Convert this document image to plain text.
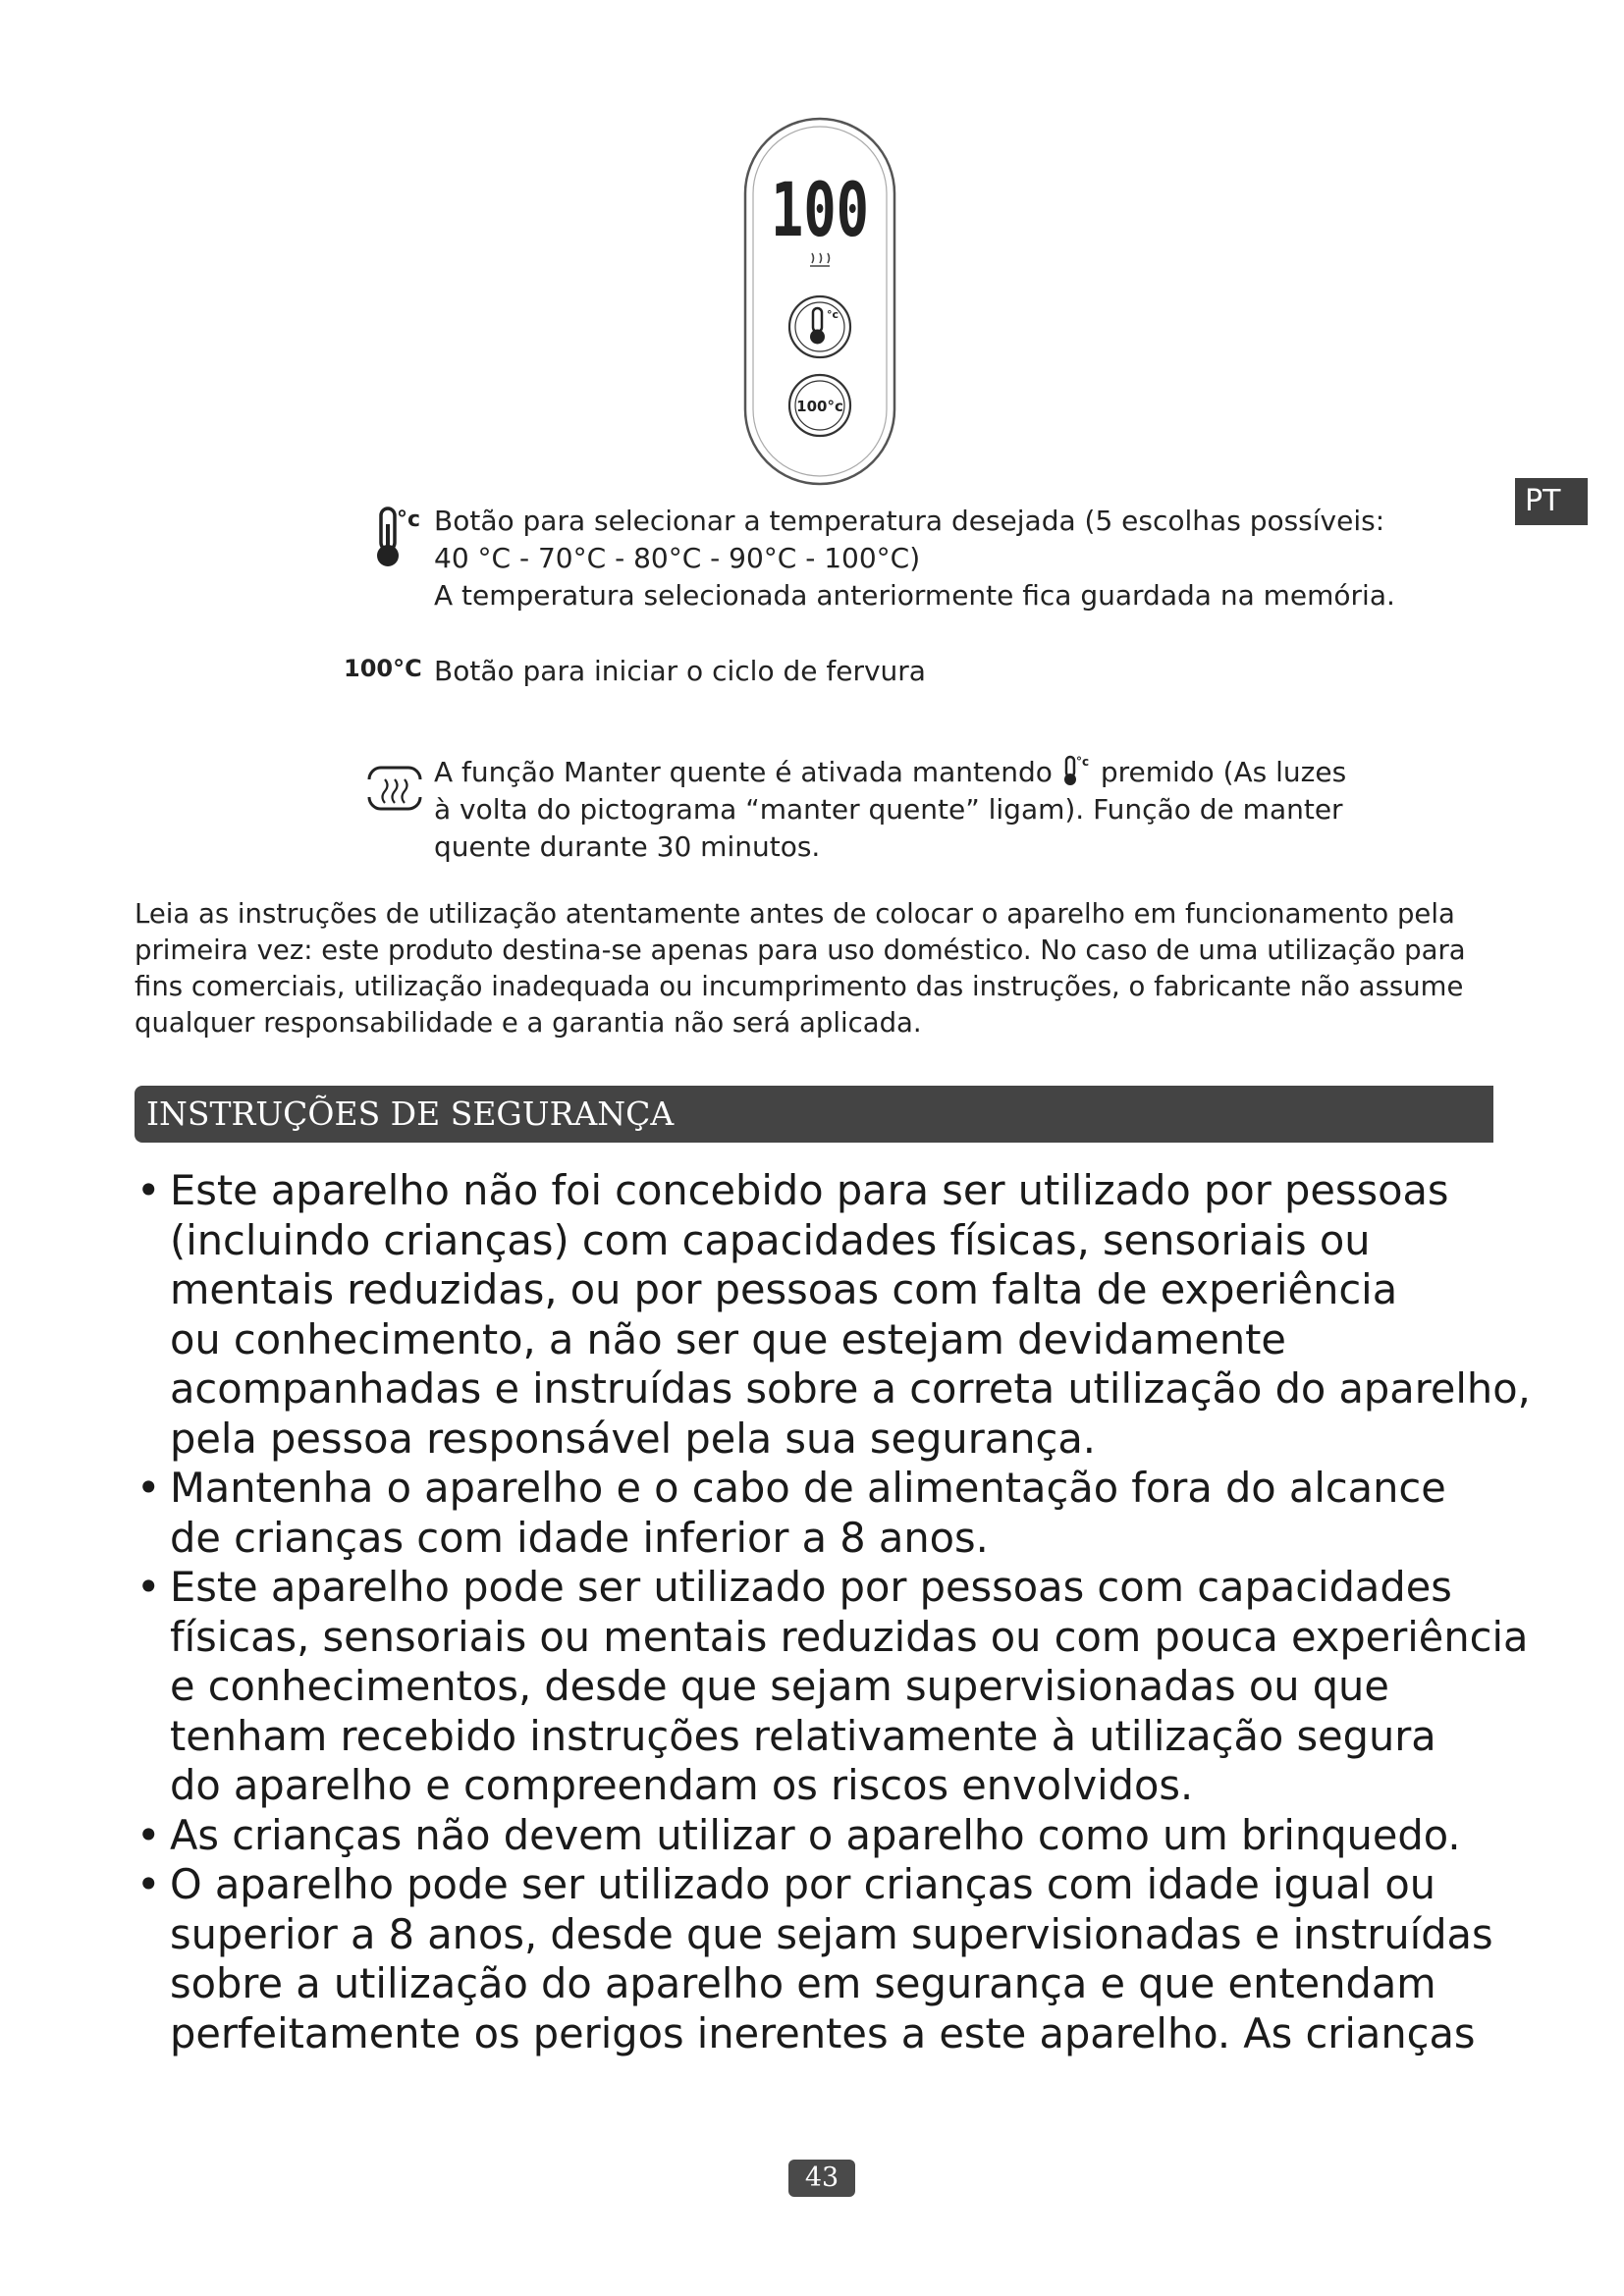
100
°c
100°c
PT
°c Botão para selecionar a temperatura desejada (5 escolhas possíveis:
40 °C - 70°C - 80°C - 90°C - 100°C)
A temperatura selecionada anteriormente fica guardada na memória.
100°C Botão para iniciar o ciclo de fervura
A função Manter quente é ativada mantendo °c premido (As luzes
à volta do pictograma “manter quente” ligam). Função de manter
quente durante 30 minutos.
Leia as instruções de utilização atentamente antes de colocar o aparelho em funcionamento pela
primeira vez: este produto destina-se apenas para uso doméstico. No caso de uma utilização para
fins comerciais, utilização inadequada ou incumprimento das instruções, o fabricante não assume
qualquer responsabilidade e a garantia não será aplicada.
INSTRUÇÕES DE SEGURANÇA
• Este aparelho não foi concebido para ser utilizado por pessoas
(incluindo crianças) com capacidades físicas, sensoriais ou
mentais reduzidas, ou por pessoas com falta de experiência
ou conhecimento, a não ser que estejam devidamente
acompanhadas e instruídas sobre a correta utilização do aparelho,
pela pessoa responsável pela sua segurança.
• Mantenha o aparelho e o cabo de alimentação fora do alcance
de crianças com idade inferior a 8 anos.
• Este aparelho pode ser utilizado por pessoas com capacidades
físicas, sensoriais ou mentais reduzidas ou com pouca experiência
e conhecimentos, desde que sejam supervisionadas ou que
tenham recebido instruções relativamente à utilização segura
do aparelho e compreendam os riscos envolvidos.
• As crianças não devem utilizar o aparelho como um brinquedo.
• O aparelho pode ser utilizado por crianças com idade igual ou
superior a 8 anos, desde que sejam supervisionadas e instruídas
sobre a utilização do aparelho em segurança e que entendam
perfeitamente os perigos inerentes a este aparelho. As crianças
43
